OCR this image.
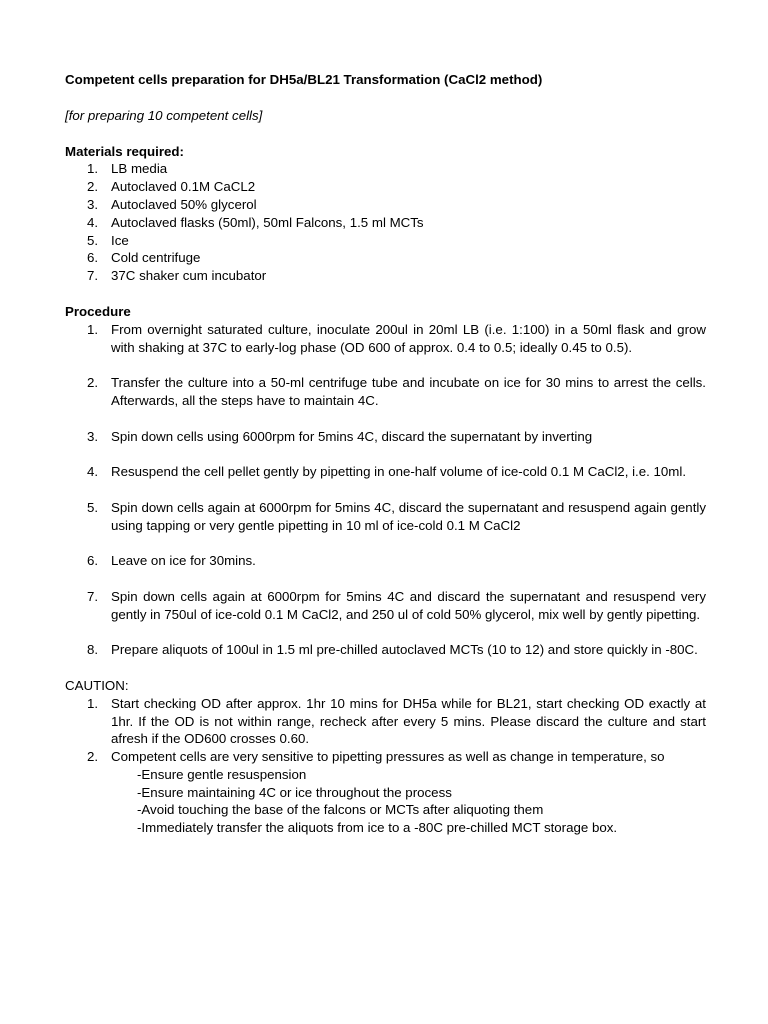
Competent cells preparation for DH5a/BL21 Transformation (CaCl2 method)

[for preparing 10 competent cells]

Materials required:

1. LB media
2. Autoclaved 0.1M CaCL2
3. Autoclaved 50% glycerol
4. Autoclaved flasks (50ml), 50ml Falcons, 1.5 ml MCTs
5. Ice
6. Cold centrifuge
7. 37C shaker cum incubator

Procedure

1. From overnight saturated culture, inoculate 200ul in 20ml LB (i.e. 1:100) in a 50ml flask and grow with shaking at 37C to early-log phase (OD 600 of approx. 0.4 to 0.5; ideally 0.45 to 0.5).
2. Transfer the culture into a 50-ml centrifuge tube and incubate on ice for 30 mins to arrest the cells. Afterwards, all the steps have to maintain 4C.
3. Spin down cells using 6000rpm for 5mins 4C, discard the supernatant by inverting
4. Resuspend the cell pellet gently by pipetting in one-half volume of ice-cold 0.1 M CaCl2, i.e. 10ml.
5. Spin down cells again at 6000rpm for 5mins 4C, discard the supernatant and resuspend again gently using tapping or very gentle pipetting in 10 ml of ice-cold 0.1 M CaCl2
6. Leave on ice for 30mins.
7. Spin down cells again at 6000rpm for 5mins 4C and discard the supernatant and resuspend very gently in 750ul of ice-cold 0.1 M CaCl2, and 250 ul of cold 50% glycerol, mix well by gently pipetting.
8. Prepare aliquots of 100ul in 1.5 ml pre-chilled autoclaved MCTs (10 to 12) and store quickly in -80C.

CAUTION:

1. Start checking OD after approx. 1hr 10 mins for DH5a while for BL21, start checking OD exactly at 1hr. If the OD is not within range, recheck after every 5 mins. Please discard the culture and start afresh if the OD600 crosses 0.60.
2. Competent cells are very sensitive to pipetting pressures as well as change in temperature, so
-Ensure gentle resuspension
-Ensure maintaining 4C or ice throughout the process
-Avoid touching the base of the falcons or MCTs after aliquoting them
-Immediately transfer the aliquots from ice to a -80C pre-chilled MCT storage box.
